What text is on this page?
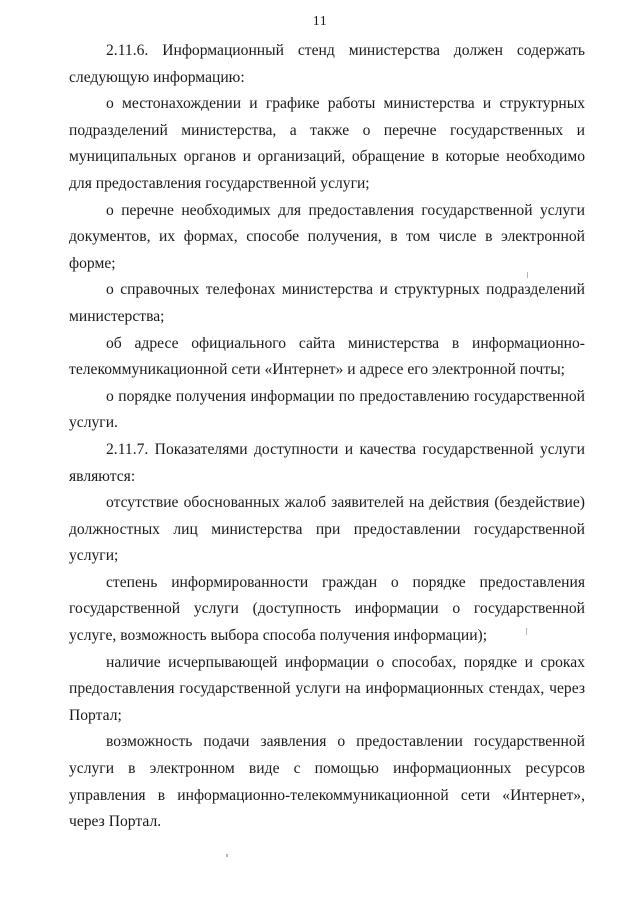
11

2.11.6. Информационный стенд министерства должен содержать следующую информацию:

о местонахождении и графике работы министерства и структурных подразделений министерства, а также о перечне государственных и муниципальных органов и организаций, обращение в которые необходимо для предоставления государственной услуги;

о перечне необходимых для предоставления государственной услуги документов, их формах, способе получения, в том числе в электронной форме;

о справочных телефонах министерства и структурных подразделений министерства;

об адресе официального сайта министерства в информационно-телекоммуникационной сети «Интернет» и адресе его электронной почты;

о порядке получения информации по предоставлению государственной услуги.

2.11.7. Показателями доступности и качества государственной услуги являются:

отсутствие обоснованных жалоб заявителей на действия (бездействие) должностных лиц министерства при предоставлении государственной услуги;

степень информированности граждан о порядке предоставления государственной услуги (доступность информации о государственной услуге, возможность выбора способа получения информации);

наличие исчерпывающей информации о способах, порядке и сроках предоставления государственной услуги на информационных стендах, через Портал;

возможность подачи заявления о предоставлении государственной услуги в электронном виде с помощью информационных ресурсов управления в информационно-телекоммуникационной сети «Интернет», через Портал.
